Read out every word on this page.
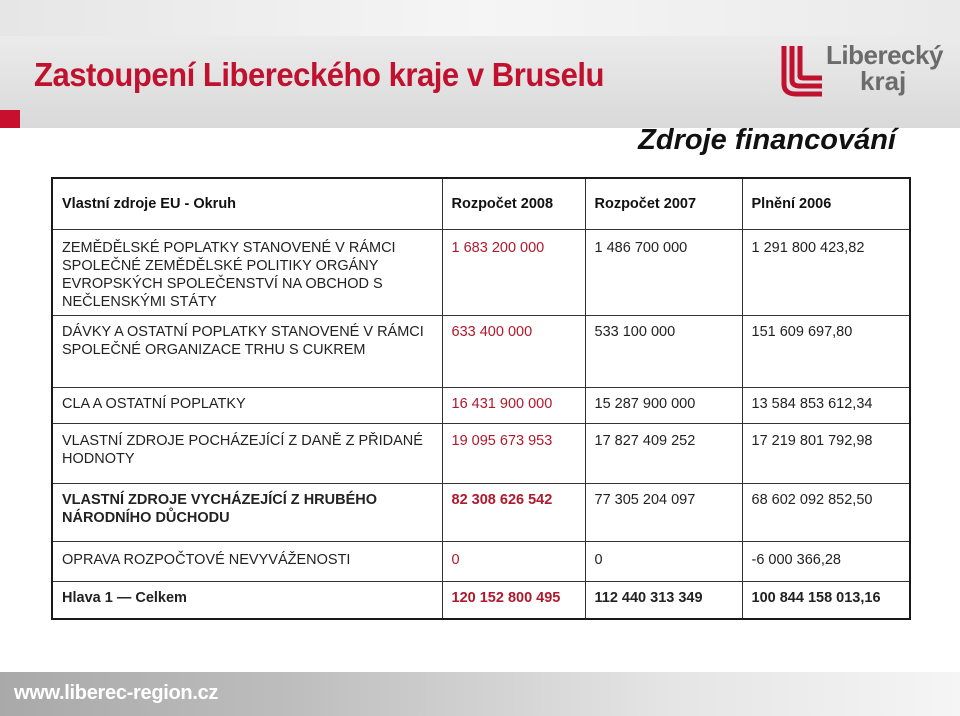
Zastoupení Libereckého kraje v Bruselu
Liberecký
kraj
Zdroje financování
Vlastní zdroje EU - Okruh	Rozpočet 2008	Rozpočet 2007	Plnění 2006
ZEMĚDĚLSKÉ POPLATKY STANOVENÉ V RÁMCI SPOLEČNÉ ZEMĚDĚLSKÉ POLITIKY ORGÁNY EVROPSKÝCH SPOLEČENSTVÍ NA OBCHOD S NEČLENSKÝMI STÁTY	1 683 200 000	1 486 700 000	1 291 800 423,82
DÁVKY A OSTATNÍ POPLATKY STANOVENÉ V RÁMCI SPOLEČNÉ ORGANIZACE TRHU S CUKREM	633 400 000	533 100 000	151 609 697,80
CLA A OSTATNÍ POPLATKY	16 431 900 000	15 287 900 000	13 584 853 612,34
VLASTNÍ ZDROJE POCHÁZEJÍCÍ Z DANĚ Z PŘIDANÉ HODNOTY	19 095 673 953	17 827 409 252	17 219 801 792,98
VLASTNÍ ZDROJE VYCHÁZEJÍCÍ Z HRUBÉHO NÁRODNÍHO DŮCHODU	82 308 626 542	77 305 204 097	68 602 092 852,50
OPRAVA ROZPOČTOVÉ NEVYVÁŽENOSTI	0	0	-6 000 366,28
Hlava 1 — Celkem	120 152 800 495	112 440 313 349	100 844 158 013,16
www.liberec-region.cz
